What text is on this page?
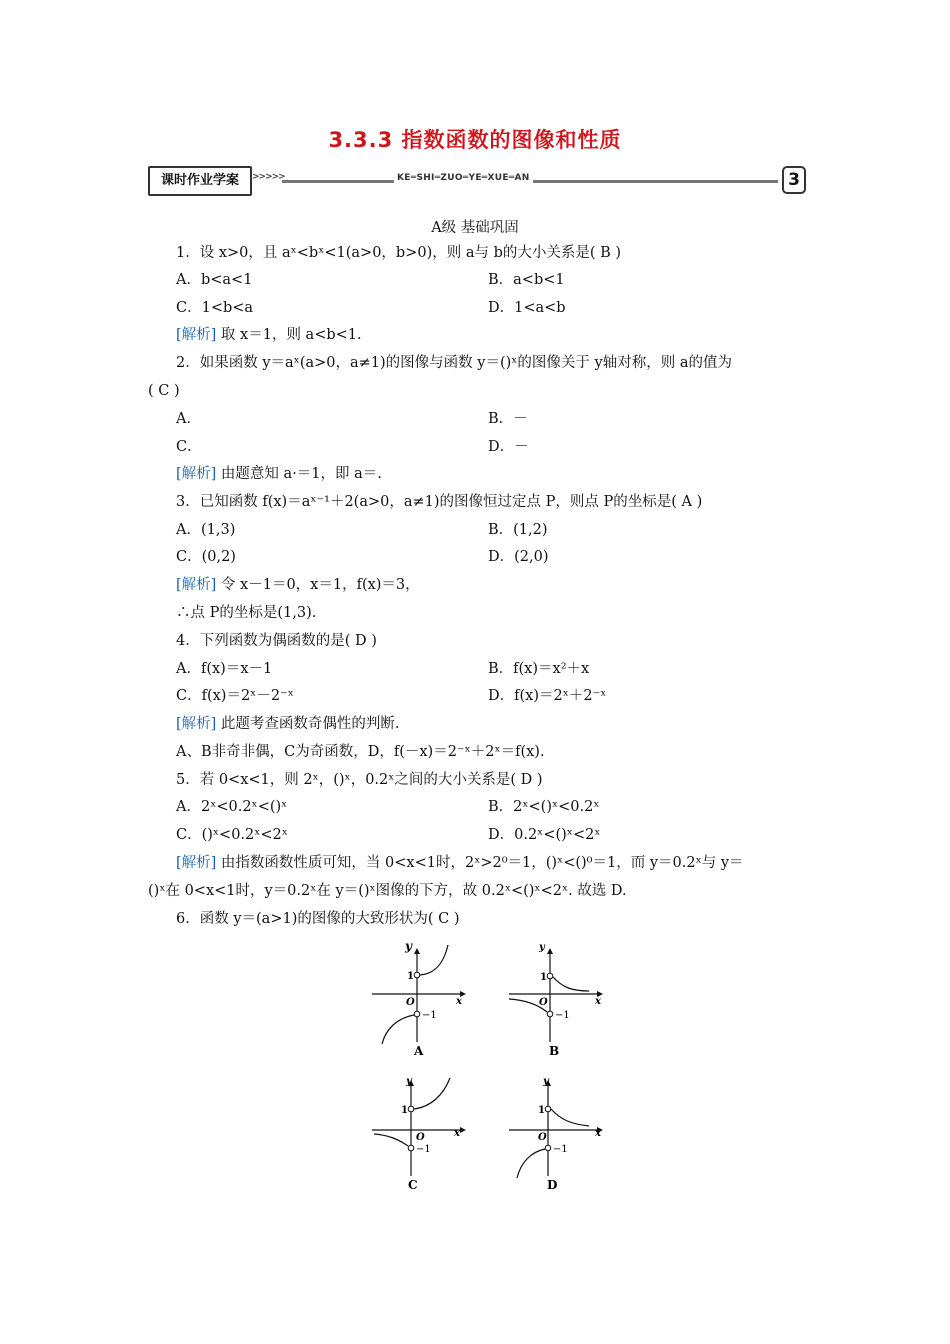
3.3.3 指数函数的图像和性质
课时作业学案	>>>>>	KE═SHI═ZUO═YE═XUE═AN	3
A级 基础巩固
1．设 x>0，且 aˣ<bˣ<1(a>0，b>0)，则 a与 b的大小关系是( B )
A．b<a<1	B．a<b<1
C．1<b<a	D．1<a<b
[解析] 取 x＝1，则 a<b<1.
2．如果函数 y＝aˣ(a>0，a≠1)的图像与函数 y＝()ˣ的图像关于 y轴对称，则 a的值为
( C )
A．	B．－
C．	D．－
[解析] 由题意知 a·＝1，即 a＝.
3．已知函数 f(x)＝aˣ⁻¹＋2(a>0，a≠1)的图像恒过定点 P，则点 P的坐标是( A )
A．(1,3)	B．(1,2)
C．(0,2)	D．(2,0)
[解析] 令 x－1＝0，x＝1，f(x)＝3，
∴点 P的坐标是(1,3).
4．下列函数为偶函数的是( D )
A．f(x)＝x－1	B．f(x)＝x²＋x
C．f(x)＝2ˣ－2⁻ˣ	D．f(x)＝2ˣ＋2⁻ˣ
[解析] 此题考查函数奇偶性的判断.
A、B非奇非偶，C为奇函数，D，f(－x)＝2⁻ˣ＋2ˣ＝f(x).
5．若 0<x<1，则 2ˣ，()ˣ，0.2ˣ之间的大小关系是( D )
A．2ˣ<0.2ˣ<()ˣ	B．2ˣ<()ˣ<0.2ˣ
C．()ˣ<0.2ˣ<2ˣ	D．0.2ˣ<()ˣ<2ˣ
[解析] 由指数函数性质可知，当 0<x<1时，2ˣ>2⁰＝1，()ˣ<()⁰＝1，而 y＝0.2ˣ与 y＝
()ˣ在 0<x<1时，y＝0.2ˣ在 y＝()ˣ图像的下方，故 0.2ˣ<()ˣ<2ˣ. 故选 D.
6．函数 y＝(a>1)的图像的大致形状为( C )
y
x
O
1
−1
A
y
x
O
1
−1
B
y
x
O
1
−1
C
y
x
O
1
−1
D
